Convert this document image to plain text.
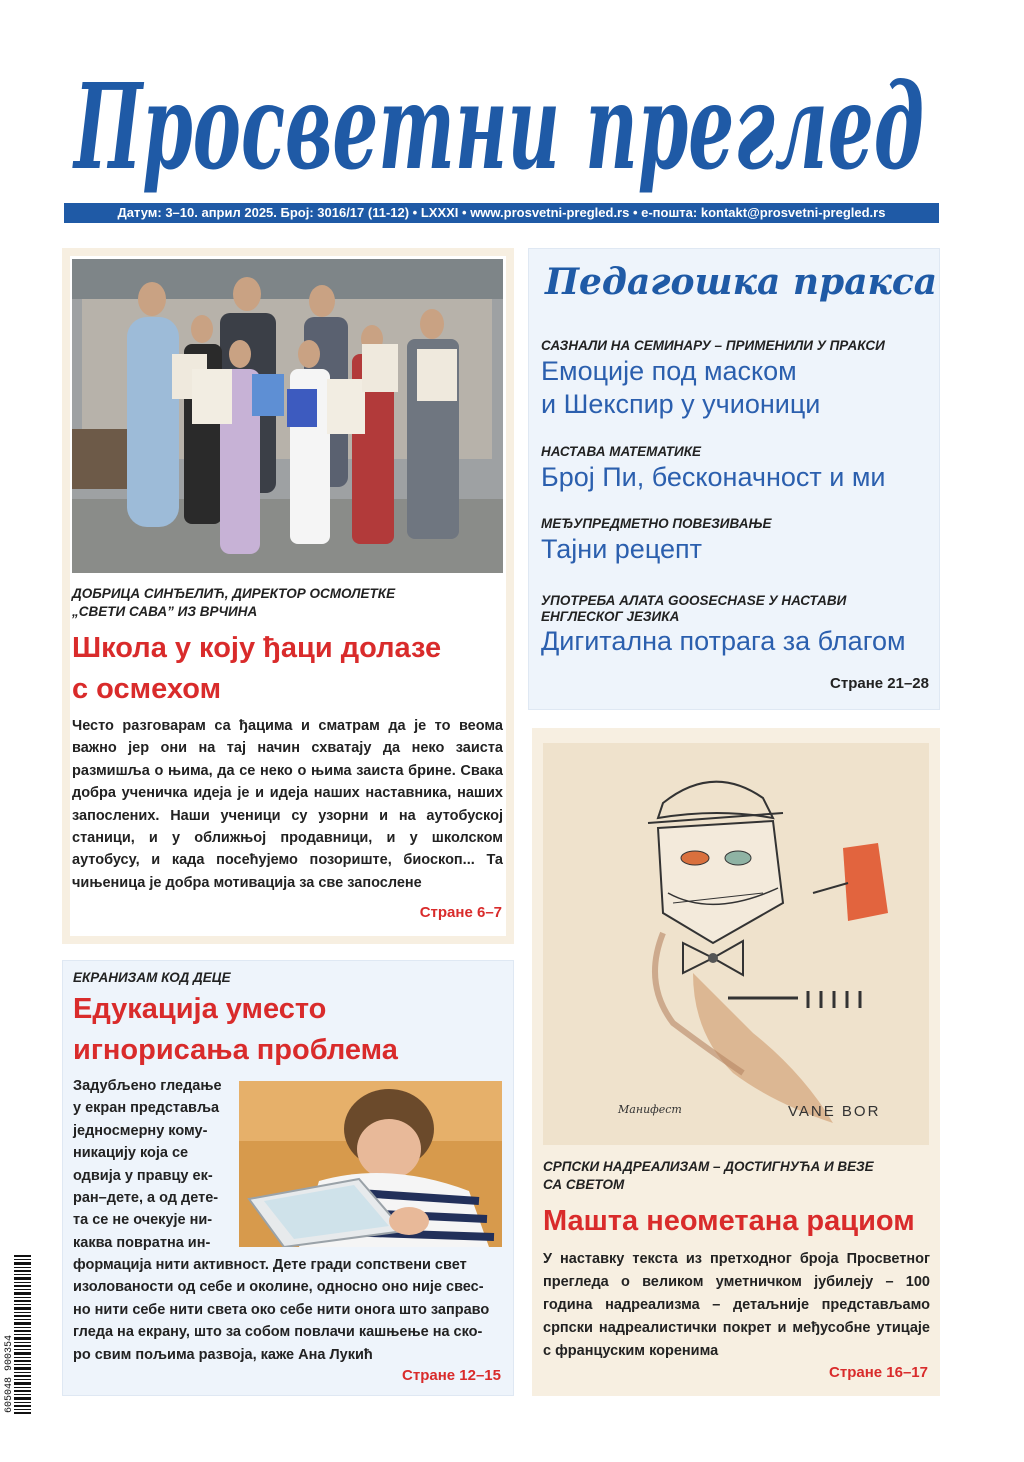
Просветни преглед
Датум: 3–10. април 2025. Број: 3016/17 (11-12) • LXXXI • www.prosvetni-pregled.rs • е-пошта: kontakt@prosvetni-pregled.rs
ДОБРИЦА СИНЂЕЛИЋ, ДИРЕКТОР ОСМОЛЕТКЕ
„СВЕТИ САВА” ИЗ ВРЧИНА
Школа у коју ђаци долазе
с осмехом
Често разговарам са ђацима и сматрам да је то веома важно јер они на тај начин схватају да неко заиста размишља о њима, да се неко о њима заиста брине. Свака добра ученичка идеја је и идеја наших наставника, наших запослених. Наши ученици су узорни и на аутобуској станици, и у оближњој продавници, и у школском аутобусу, и када посећујемо позориште, биоскоп... Та чињеница је добра мотивација за све запослене
Стране 6–7
Педагошка пракса
САЗНАЛИ НА СЕМИНАРУ – ПРИМЕНИЛИ У ПРАКСИ
Емоције под маском
и Шекспир у учионици
НАСТАВА МАТЕМАТИКЕ
Број Пи, бесконачност и ми
МЕЂУПРЕДМЕТНО ПОВЕЗИВАЊЕ
Тајни рецепт
УПОТРЕБА АЛАТА GOOSECHASE У НАСТАВИ
ЕНГЛЕСКОГ ЈЕЗИКА
Дигитална потрага за благом
Стране 21–28
Манифест	VANE BOR
СРПСКИ НАДРЕАЛИЗАМ – ДОСТИГНУЋА И ВЕЗЕ
СА СВЕТОМ
Машта неометана рациом
У наставку текста из претходног броја Просветног прегледа о великом уметничком јубилеју – 100 година надреализма – детаљније представљамо српски надреалистички покрет и међусобне утицаје с француским коренима
Стране 16–17
ЕКРАНИЗАМ КОД ДЕЦЕ
Едукација уместо
игнорисања проблема
Задубљено гледање
у екран представља
једносмерну кому-
никацију која се
одвија у правцу ек-
ран–дете, а од дете-
та се не очекује ни-
каква повратна ин-
формација нити активност. Дете гради сопствени свет
изолованости од себе и околине, односно оно није свес-
но нити себе нити света око себе нити онога што заправо
гледа на екрану, што за собом повлачи кашњење на ско-
ро свим пољима развоја, каже Ана Лукић
Стране 12–15
605048 900354
